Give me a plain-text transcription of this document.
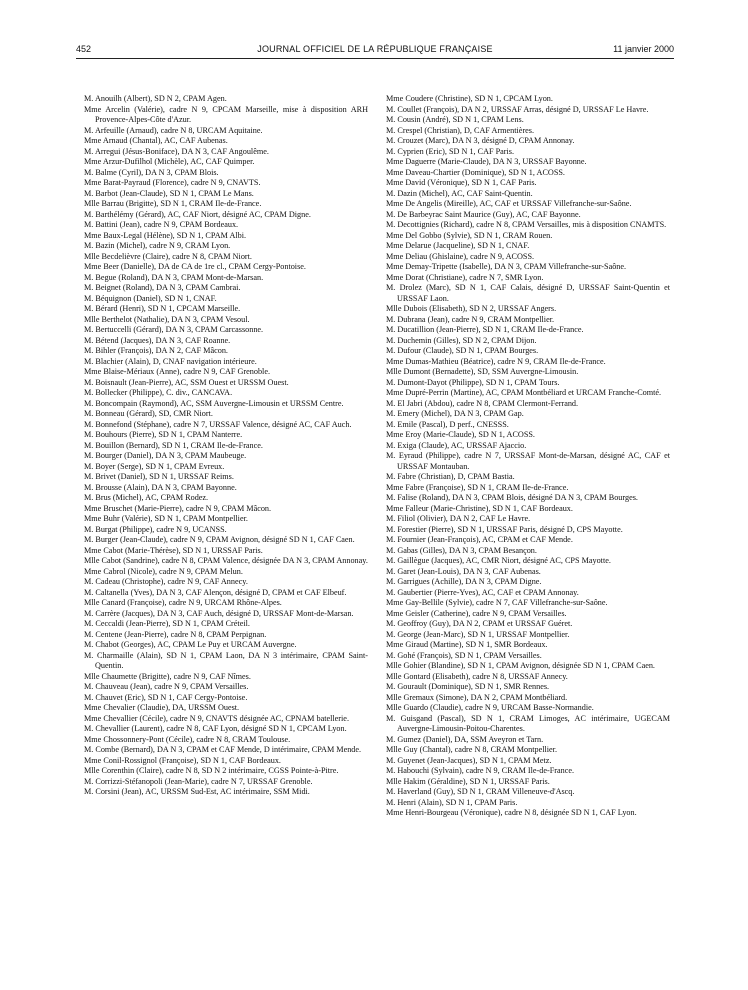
452	JOURNAL OFFICIEL DE LA RÉPUBLIQUE FRANÇAISE	11 janvier 2000
M. Anouilh (Albert), SD N 2, CPAM Agen.
Mme Arcelin (Valérie), cadre N 9, CPCAM Marseille, mise à disposition ARH Provence-Alpes-Côte d'Azur.
M. Arfeuille (Arnaud), cadre N 8, URCAM Aquitaine.
Mme Arnaud (Chantal), AC, CAF Aubenas.
M. Arregui (Jésus-Boniface), DA N 3, CAF Angoulême.
Mme Arzur-Dufilhol (Michèle), AC, CAF Quimper.
M. Balme (Cyril), DA N 3, CPAM Blois.
Mme Barat-Payraud (Florence), cadre N 9, CNAVTS.
M. Barbot (Jean-Claude), SD N 1, CPAM Le Mans.
Mlle Barrau (Brigitte), SD N 1, CRAM Ile-de-France.
M. Barthélémy (Gérard), AC, CAF Niort, désigné AC, CPAM Digne.
M. Battini (Jean), cadre N 9, CPAM Bordeaux.
Mme Baux-Legal (Hélène), SD N 1, CPAM Albi.
M. Bazin (Michel), cadre N 9, CRAM Lyon.
Mlle Becdelièvre (Claire), cadre N 8, CPAM Niort.
Mme Beer (Danielle), DA de CA de 1re cl., CPAM Cergy-Pontoise.
M. Begue (Roland), DA N 3, CPAM Mont-de-Marsan.
M. Beignet (Roland), DA N 3, CPAM Cambrai.
M. Béquignon (Daniel), SD N 1, CNAF.
M. Bérard (Henri), SD N 1, CPCAM Marseille.
Mlle Berthelot (Nathalie), DA N 3, CPAM Vesoul.
M. Bertuccelli (Gérard), DA N 3, CPAM Carcassonne.
M. Bétend (Jacques), DA N 3, CAF Roanne.
M. Bihler (François), DA N 2, CAF Mâcon.
M. Blachier (Alain), D, CNAF navigation intérieure.
Mme Blaise-Mériaux (Anne), cadre N 9, CAF Grenoble.
M. Boisnault (Jean-Pierre), AC, SSM Ouest et URSSM Ouest.
M. Bollecker (Philippe), C. div., CANCAVA.
M. Boncompain (Raymond), AC, SSM Auvergne-Limousin et URSSM Centre.
M. Bonneau (Gérard), SD, CMR Niort.
M. Bonnefond (Stéphane), cadre N 7, URSSAF Valence, désigné AC, CAF Auch.
M. Bouhours (Pierre), SD N 1, CPAM Nanterre.
M. Bouillon (Bernard), SD N 1, CRAM Ile-de-France.
M. Bourger (Daniel), DA N 3, CPAM Maubeuge.
M. Boyer (Serge), SD N 1, CPAM Evreux.
M. Brivet (Daniel), SD N 1, URSSAF Reims.
M. Brousse (Alain), DA N 3, CPAM Bayonne.
M. Brus (Michel), AC, CPAM Rodez.
Mme Bruschet (Marie-Pierre), cadre N 9, CPAM Mâcon.
Mme Buhr (Valérie), SD N 1, CPAM Montpellier.
M. Burgat (Philippe), cadre N 9, UCANSS.
M. Burger (Jean-Claude), cadre N 9, CPAM Avignon, désigné SD N 1, CAF Caen.
Mme Cabot (Marie-Thérèse), SD N 1, URSSAF Paris.
Mlle Cabot (Sandrine), cadre N 8, CPAM Valence, désignée DA N 3, CPAM Annonay.
Mme Cabrol (Nicole), cadre N 9, CPAM Melun.
M. Cadeau (Christophe), cadre N 9, CAF Annecy.
M. Caltanella (Yves), DA N 3, CAF Alençon, désigné D, CPAM et CAF Elbeuf.
Mlle Canard (Françoise), cadre N 9, URCAM Rhône-Alpes.
M. Carrère (Jacques), DA N 3, CAF Auch, désigné D, URSSAF Mont-de-Marsan.
M. Ceccaldi (Jean-Pierre), SD N 1, CPAM Créteil.
M. Centene (Jean-Pierre), cadre N 8, CPAM Perpignan.
M. Chabot (Georges), AC, CPAM Le Puy et URCAM Auvergne.
M. Charmaille (Alain), SD N 1, CPAM Laon, DA N 3 intérimaire, CPAM Saint-Quentin.
Mlle Chaumette (Brigitte), cadre N 9, CAF Nîmes.
M. Chauveau (Jean), cadre N 9, CPAM Versailles.
M. Chauvet (Eric), SD N 1, CAF Cergy-Pontoise.
Mme Chevalier (Claudie), DA, URSSM Ouest.
Mme Chevallier (Cécile), cadre N 9, CNAVTS désignée AC, CPNAM batellerie.
M. Chevallier (Laurent), cadre N 8, CAF Lyon, désigné SD N 1, CPCAM Lyon.
Mme Chossonnery-Pont (Cécile), cadre N 8, CRAM Toulouse.
M. Combe (Bernard), DA N 3, CPAM et CAF Mende, D intérimaire, CPAM Mende.
Mme Conil-Rossignol (Françoise), SD N 1, CAF Bordeaux.
Mlle Corenthin (Claire), cadre N 8, SD N 2 intérimaire, CGSS Pointe-à-Pitre.
M. Corrizzi-Stéfanopoli (Jean-Marie), cadre N 7, URSSAF Grenoble.
M. Corsini (Jean), AC, URSSM Sud-Est, AC intérimaire, SSM Midi.
Mme Coudere (Christine), SD N 1, CPCAM Lyon.
M. Coullet (François), DA N 2, URSSAF Arras, désigné D, URSSAF Le Havre.
M. Cousin (André), SD N 1, CPAM Lens.
M. Crespel (Christian), D, CAF Armentières.
M. Crouzet (Marc), DA N 3, désigné D, CPAM Annonay.
M. Cyprien (Eric), SD N 1, CAF Paris.
Mme Daguerre (Marie-Claude), DA N 3, URSSAF Bayonne.
Mme Daveau-Chartier (Dominique), SD N 1, ACOSS.
Mme David (Véronique), SD N 1, CAF Paris.
M. Dazin (Michel), AC, CAF Saint-Quentin.
Mme De Angelis (Mireille), AC, CAF et URSSAF Villefranche-sur-Saône.
M. De Barbeyrac Saint Maurice (Guy), AC, CAF Bayonne.
M. Decottignies (Richard), cadre N 8, CPAM Versailles, mis à disposition CNAMTS.
Mme Del Gobbo (Sylvie), SD N 1, CRAM Rouen.
Mme Delarue (Jacqueline), SD N 1, CNAF.
Mme Deliau (Ghislaine), cadre N 9, ACOSS.
Mme Demay-Tripette (Isabelle), DA N 3, CPAM Villefranche-sur-Saône.
Mme Dorat (Christiane), cadre N 7, SMR Lyon.
M. Drolez (Marc), SD N 1, CAF Calais, désigné D, URSSAF Saint-Quentin et URSSAF Laon.
Mlle Dubois (Elisabeth), SD N 2, URSSAF Angers.
M. Dubrana (Jean), cadre N 9, CRAM Montpellier.
M. Ducatillion (Jean-Pierre), SD N 1, CRAM Ile-de-France.
M. Duchemin (Gilles), SD N 2, CPAM Dijon.
M. Dufour (Claude), SD N 1, CPAM Bourges.
Mme Dumas-Mathieu (Béatrice), cadre N 9, CRAM Ile-de-France.
Mlle Dumont (Bernadette), SD, SSM Auvergne-Limousin.
M. Dumont-Dayot (Philippe), SD N 1, CPAM Tours.
Mme Dupré-Perrin (Martine), AC, CPAM Montbéliard et URCAM Franche-Comté.
M. El Jabri (Abdou), cadre N 8, CPAM Clermont-Ferrand.
M. Emery (Michel), DA N 3, CPAM Gap.
M. Emile (Pascal), D perf., CNESSS.
Mme Eroy (Marie-Claude), SD N 1, ACOSS.
M. Exiga (Claude), AC, URSSAF Ajaccio.
M. Eyraud (Philippe), cadre N 7, URSSAF Mont-de-Marsan, désigné AC, CAF et URSSAF Montauban.
M. Fabre (Christian), D, CPAM Bastia.
Mme Fabre (Françoise), SD N 1, CRAM Ile-de-France.
M. Falise (Roland), DA N 3, CPAM Blois, désigné DA N 3, CPAM Bourges.
Mme Falleur (Marie-Christine), SD N 1, CAF Bordeaux.
M. Filiol (Olivier), DA N 2, CAF Le Havre.
M. Forestier (Pierre), SD N 1, URSSAF Paris, désigné D, CPS Mayotte.
M. Fournier (Jean-François), AC, CPAM et CAF Mende.
M. Gabas (Gilles), DA N 3, CPAM Besançon.
M. Gaillègue (Jacques), AC, CMR Niort, désigné AC, CPS Mayotte.
M. Garet (Jean-Louis), DA N 3, CAF Aubenas.
M. Garrigues (Achille), DA N 3, CPAM Digne.
M. Gaubertier (Pierre-Yves), AC, CAF et CPAM Annonay.
Mme Gay-Bellile (Sylvie), cadre N 7, CAF Villefranche-sur-Saône.
Mme Geisler (Catherine), cadre N 9, CPAM Versailles.
M. Geoffroy (Guy), DA N 2, CPAM et URSSAF Guéret.
M. George (Jean-Marc), SD N 1, URSSAF Montpellier.
Mme Giraud (Martine), SD N 1, SMR Bordeaux.
M. Gohé (François), SD N 1, CPAM Versailles.
Mlle Gohier (Blandine), SD N 1, CPAM Avignon, désignée SD N 1, CPAM Caen.
Mlle Gontard (Elisabeth), cadre N 8, URSSAF Annecy.
M. Gourault (Dominique), SD N 1, SMR Rennes.
Mlle Gremaux (Simone), DA N 2, CPAM Montbéliard.
Mlle Guardo (Claudie), cadre N 9, URCAM Basse-Normandie.
M. Guisgand (Pascal), SD N 1, CRAM Limoges, AC intérimaire, UGECAM Auvergne-Limousin-Poitou-Charentes.
M. Gumez (Daniel), DA, SSM Aveyron et Tarn.
Mlle Guy (Chantal), cadre N 8, CRAM Montpellier.
M. Guyenet (Jean-Jacques), SD N 1, CPAM Metz.
M. Habouchi (Sylvain), cadre N 9, CRAM Ile-de-France.
Mlle Hakim (Géraldine), SD N 1, URSSAF Paris.
M. Haverland (Guy), SD N 1, CRAM Villeneuve-d'Ascq.
M. Henri (Alain), SD N 1, CPAM Paris.
Mme Henri-Bourgeau (Véronique), cadre N 8, désignée SD N 1, CAF Lyon.
